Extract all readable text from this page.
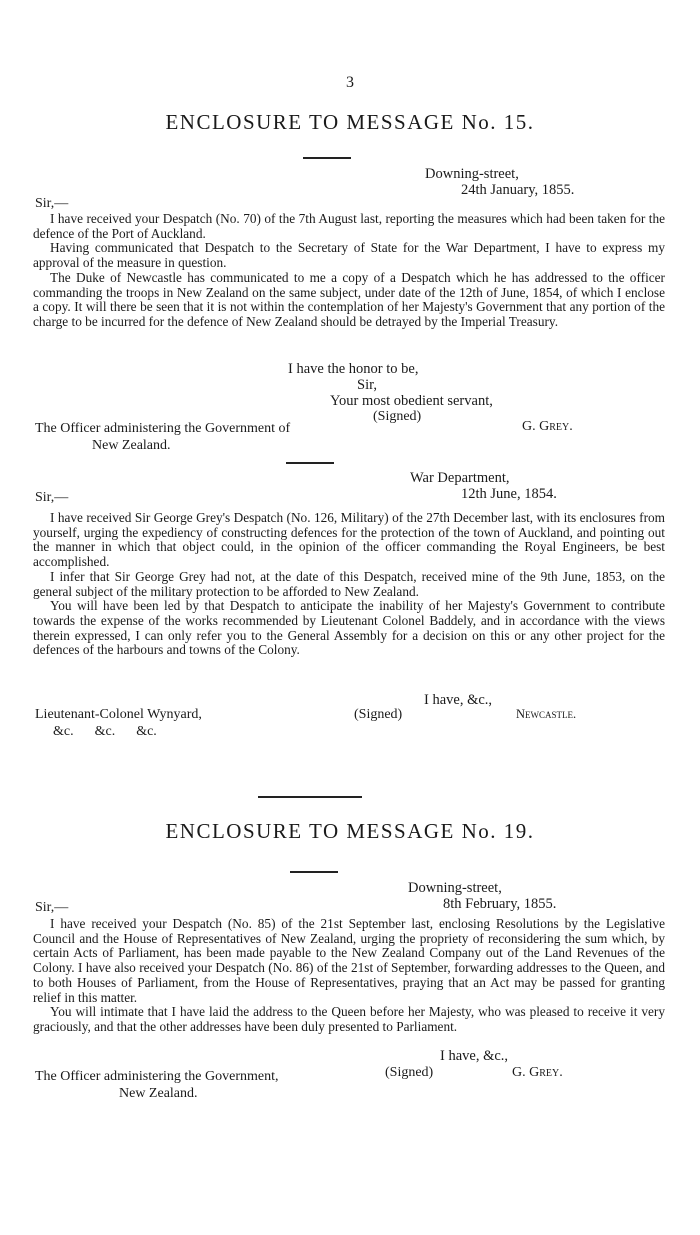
3
ENCLOSURE TO MESSAGE No. 15.
Downing-street,
24th January, 1855.
Sir,—

I have received your Despatch (No. 70) of the 7th August last, reporting the measures which had been taken for the defence of the Port of Auckland.

Having communicated that Despatch to the Secretary of State for the War Department, I have to express my approval of the measure in question.

The Duke of Newcastle has communicated to me a copy of a Despatch which he has addressed to the officer commanding the troops in New Zealand on the same subject, under date of the 12th of June, 1854, of which I enclose a copy. It will there be seen that it is not within the contemplation of her Majesty's Government that any portion of the charge to be incurred for the defence of New Zealand should be detrayed by the Imperial Treasury.

I have the honor to be,
Sir,
Your most obedient servant,
(Signed)
G. Grey.
The Officer administering the Government of
New Zealand.
War Department,
12th June, 1854.
Sir,—

I have received Sir George Grey's Despatch (No. 126, Military) of the 27th December last, with its enclosures from yourself, urging the expediency of constructing defences for the protection of the town of Auckland, and pointing out the manner in which that object could, in the opinion of the officer commanding the Royal Engineers, be best accomplished.

I infer that Sir George Grey had not, at the date of this Despatch, received mine of the 9th June, 1853, on the general subject of the military protection to be afforded to New Zealand.

You will have been led by that Despatch to anticipate the inability of her Majesty's Government to contribute towards the expense of the works recommended by Lieutenant Colonel Baddely, and in accordance with the views therein expressed, I can only refer you to the General Assembly for a decision on this or any other project for the defences of the harbours and towns of the Colony.

I have, &c.,
(Signed)	Newcastle.
Lieutenant-Colonel Wynyard,
&c.      &c.      &c.
ENCLOSURE TO MESSAGE No. 19.
Downing-street,
8th February, 1855.
Sir,—

I have received your Despatch (No. 85) of the 21st September last, enclosing Resolutions by the Legislative Council and the House of Representatives of New Zealand, urging the propriety of reconsidering the sum which, by certain Acts of Parliament, has been made payable to the New Zealand Company out of the Land Revenues of the Colony. I have also received your Despatch (No. 86) of the 21st of September, forwarding addresses to the Queen, and to both Houses of Parliament, from the House of Representatives, praying that an Act may be passed for granting relief in this matter.

You will intimate that I have laid the address to the Queen before her Majesty, who was pleased to receive it very graciously, and that the other addresses have been duly presented to Parliament.

I have, &c.,
(Signed)	G. Grey.
The Officer administering the Government,
New Zealand.
